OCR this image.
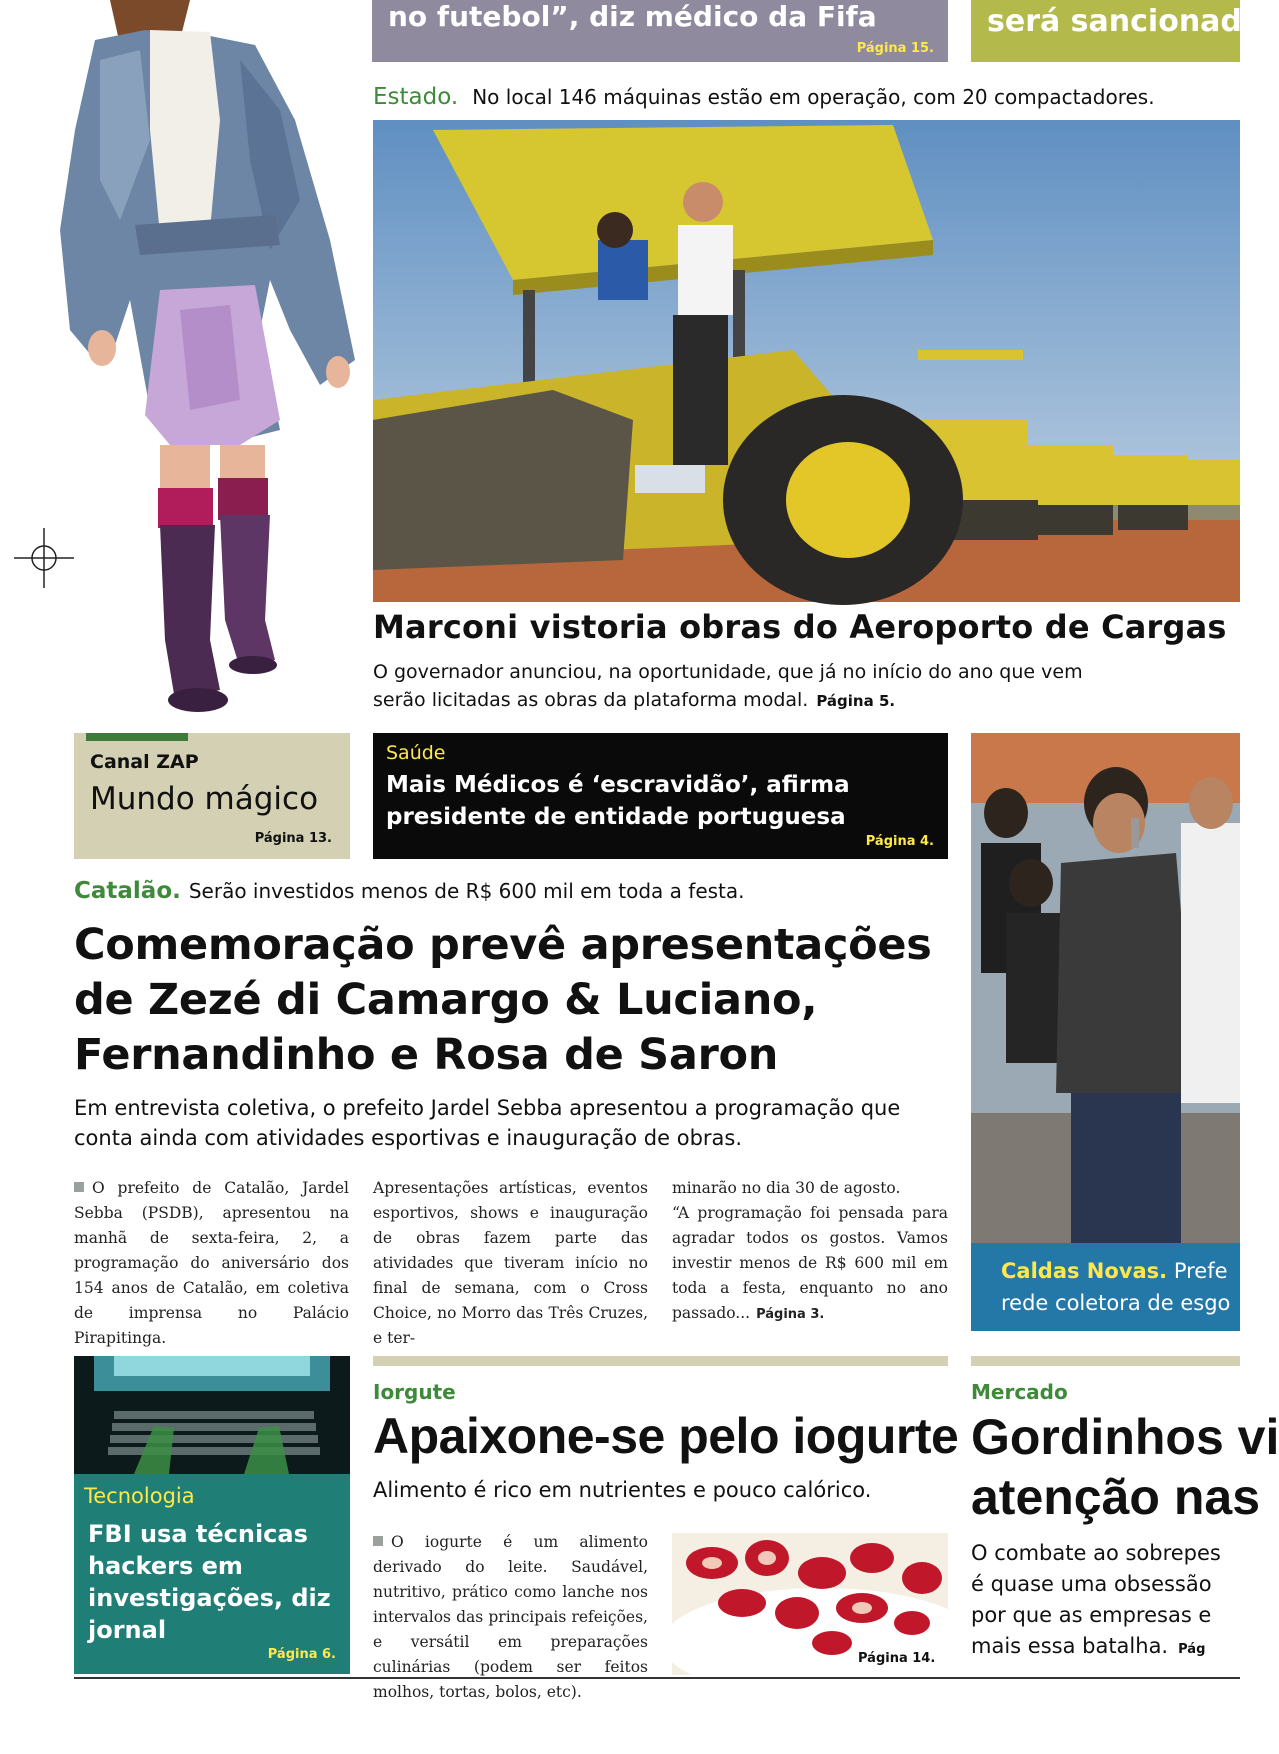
no futebol”, diz médico da Fifa
Página 15.
será sancionad
Estado. No local 146 máquinas estão em operação, com 20 compactadores.
Marconi vistoria obras do Aeroporto de Cargas
O governador anunciou, na oportunidade, que já no início do ano que vem serão licitadas as obras da plataforma modal. Página 5.
Canal ZAP
Mundo mágico
Página 13.
Saúde
Mais Médicos é ‘escravidão’, afirma presidente de entidade portuguesa
Página 4.
Caldas Novas. Prefe
rede coletora de esgo
Catalão. Serão investidos menos de R$ 600 mil em toda a festa.
Comemoração prevê apresentações de Zezé di Camargo & Luciano, Fernandinho e Rosa de Saron
Em entrevista coletiva, o prefeito Jardel Sebba apresentou a programação que conta ainda com atividades esportivas e inauguração de obras.
O prefeito de Catalão, Jardel Sebba (PSDB), apresentou na manhã de sexta-feira, 2, a programação do aniversário dos 154 anos de Catalão, em coletiva de imprensa no Palácio Pirapitinga.
Apresentações artísticas, eventos esportivos, shows e inauguração de obras fazem parte das atividades que tiveram início no final de semana, com o Cross Choice, no Morro das Três Cruzes, e ter-
minarão no dia 30 de agosto.
“A programação foi pensada para agradar todos os gostos. Vamos investir menos de R$ 600 mil em toda a festa, enquanto no ano passado... Página 3.
Tecnologia
FBI usa técnicas hackers em investigações, diz jornal
Página 6.
Iorgute
Apaixone-se pelo iogurte
Alimento é rico em nutrientes e pouco calórico.
O iogurte é um alimento derivado do leite. Saudável, nutritivo, prático como lanche nos intervalos das principais refeições, e versátil em preparações culinárias (podem ser feitos molhos, tortas, bolos, etc).
Página 14.
Mercado
Gordinhos vi
atenção nas
O combate ao sobrepes
é quase uma obsessão
por que as empresas e
mais essa batalha. Pág
